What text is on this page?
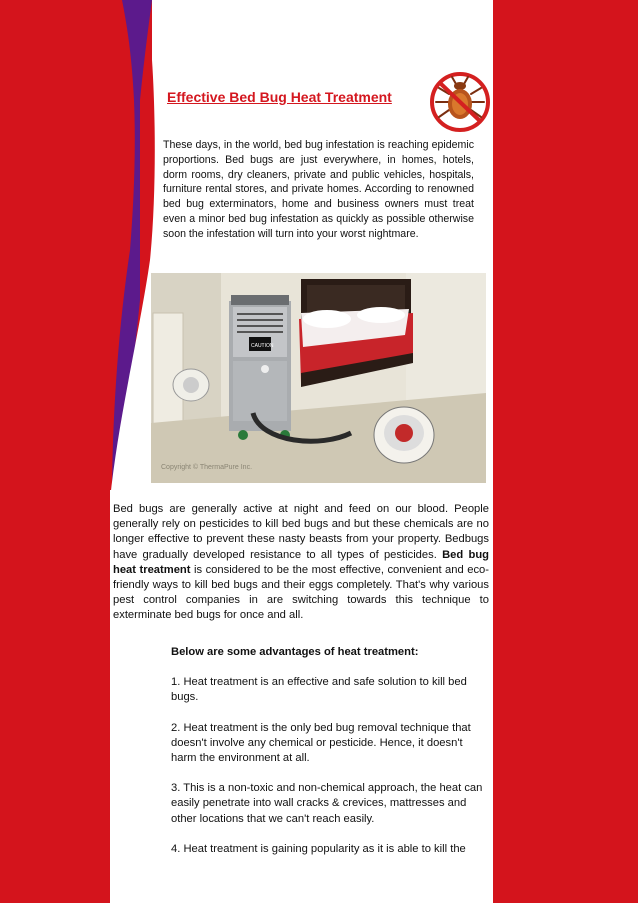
Effective Bed Bug Heat Treatment
These days, in the world, bed bug infestation is reaching epidemic proportions. Bed bugs are just everywhere, in homes, hotels, dorm rooms, dry cleaners, private and public vehicles, hospitals, furniture rental stores, and private homes. According to renowned bed bug exterminators, home and business owners must treat even a minor bed bug infestation as quickly as possible otherwise soon the infestation will turn into your worst nightmare.
CAUTION
Copyright © ThermaPure Inc.
Bed bugs are generally active at night and feed on our blood. People generally rely on pesticides to kill bed bugs and but these chemicals are no longer effective to prevent these nasty beasts from your property. Bedbugs have gradually developed resistance to all types of pesticides. Bed bug heat treatment is considered to be the most effective, convenient and eco-friendly ways to kill bed bugs and their eggs completely. That's why various pest control companies in are switching towards this technique to exterminate bed bugs for once and all.
Below are some advantages of heat treatment:
1. Heat treatment is an effective and safe solution to kill bed bugs.
2. Heat treatment is the only bed bug removal technique that doesn't involve any chemical or pesticide. Hence, it doesn't harm the environment at all.
3. This is a non-toxic and non-chemical approach, the heat can easily penetrate into wall cracks & crevices, mattresses and other locations that we can't reach easily.
4. Heat treatment is gaining popularity as it is able to kill the
